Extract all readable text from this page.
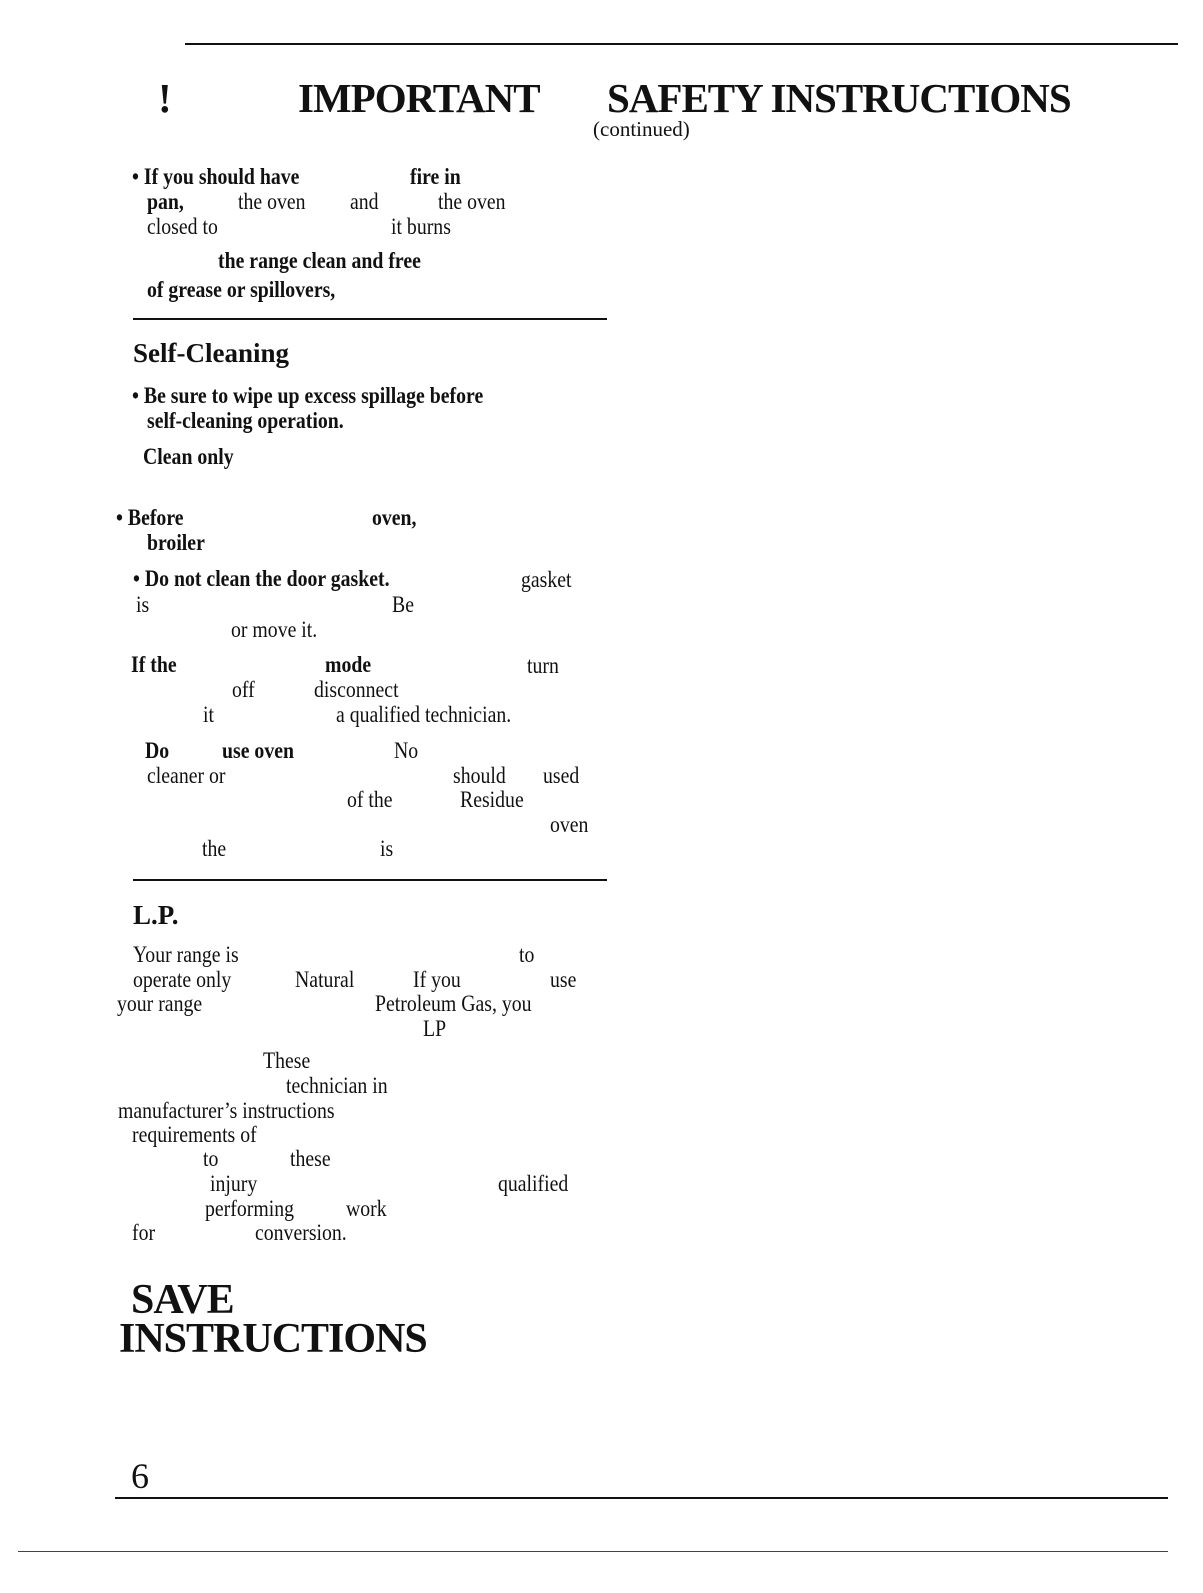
!	IMPORTANT SAFETY INSTRUCTIONS
(continued)
• If you should have	fire in
pan, the oven	and	the oven
closed to	it burns
the range clean and free
of grease or spillovers,
Self-Cleaning
• Be sure to wipe up excess spillage before
self-cleaning operation.
Clean only
• Before	oven,
broiler
• Do not clean the door gasket.	gasket
is	Be
or move it.
If the	mode	turn
off	disconnect
it	a qualified technician.
Do use oven	No
cleaner or	should	used
of the	Residue
oven
the	is
L.P.
Your range is	to
operate only	Natural	If you	use
your range	Petroleum Gas, you
LP
These
technician in
manufacturer’s instructions
requirements of
to	these
injury	qualified
performing	work
for	conversion.
SAVE
INSTRUCTIONS
6
